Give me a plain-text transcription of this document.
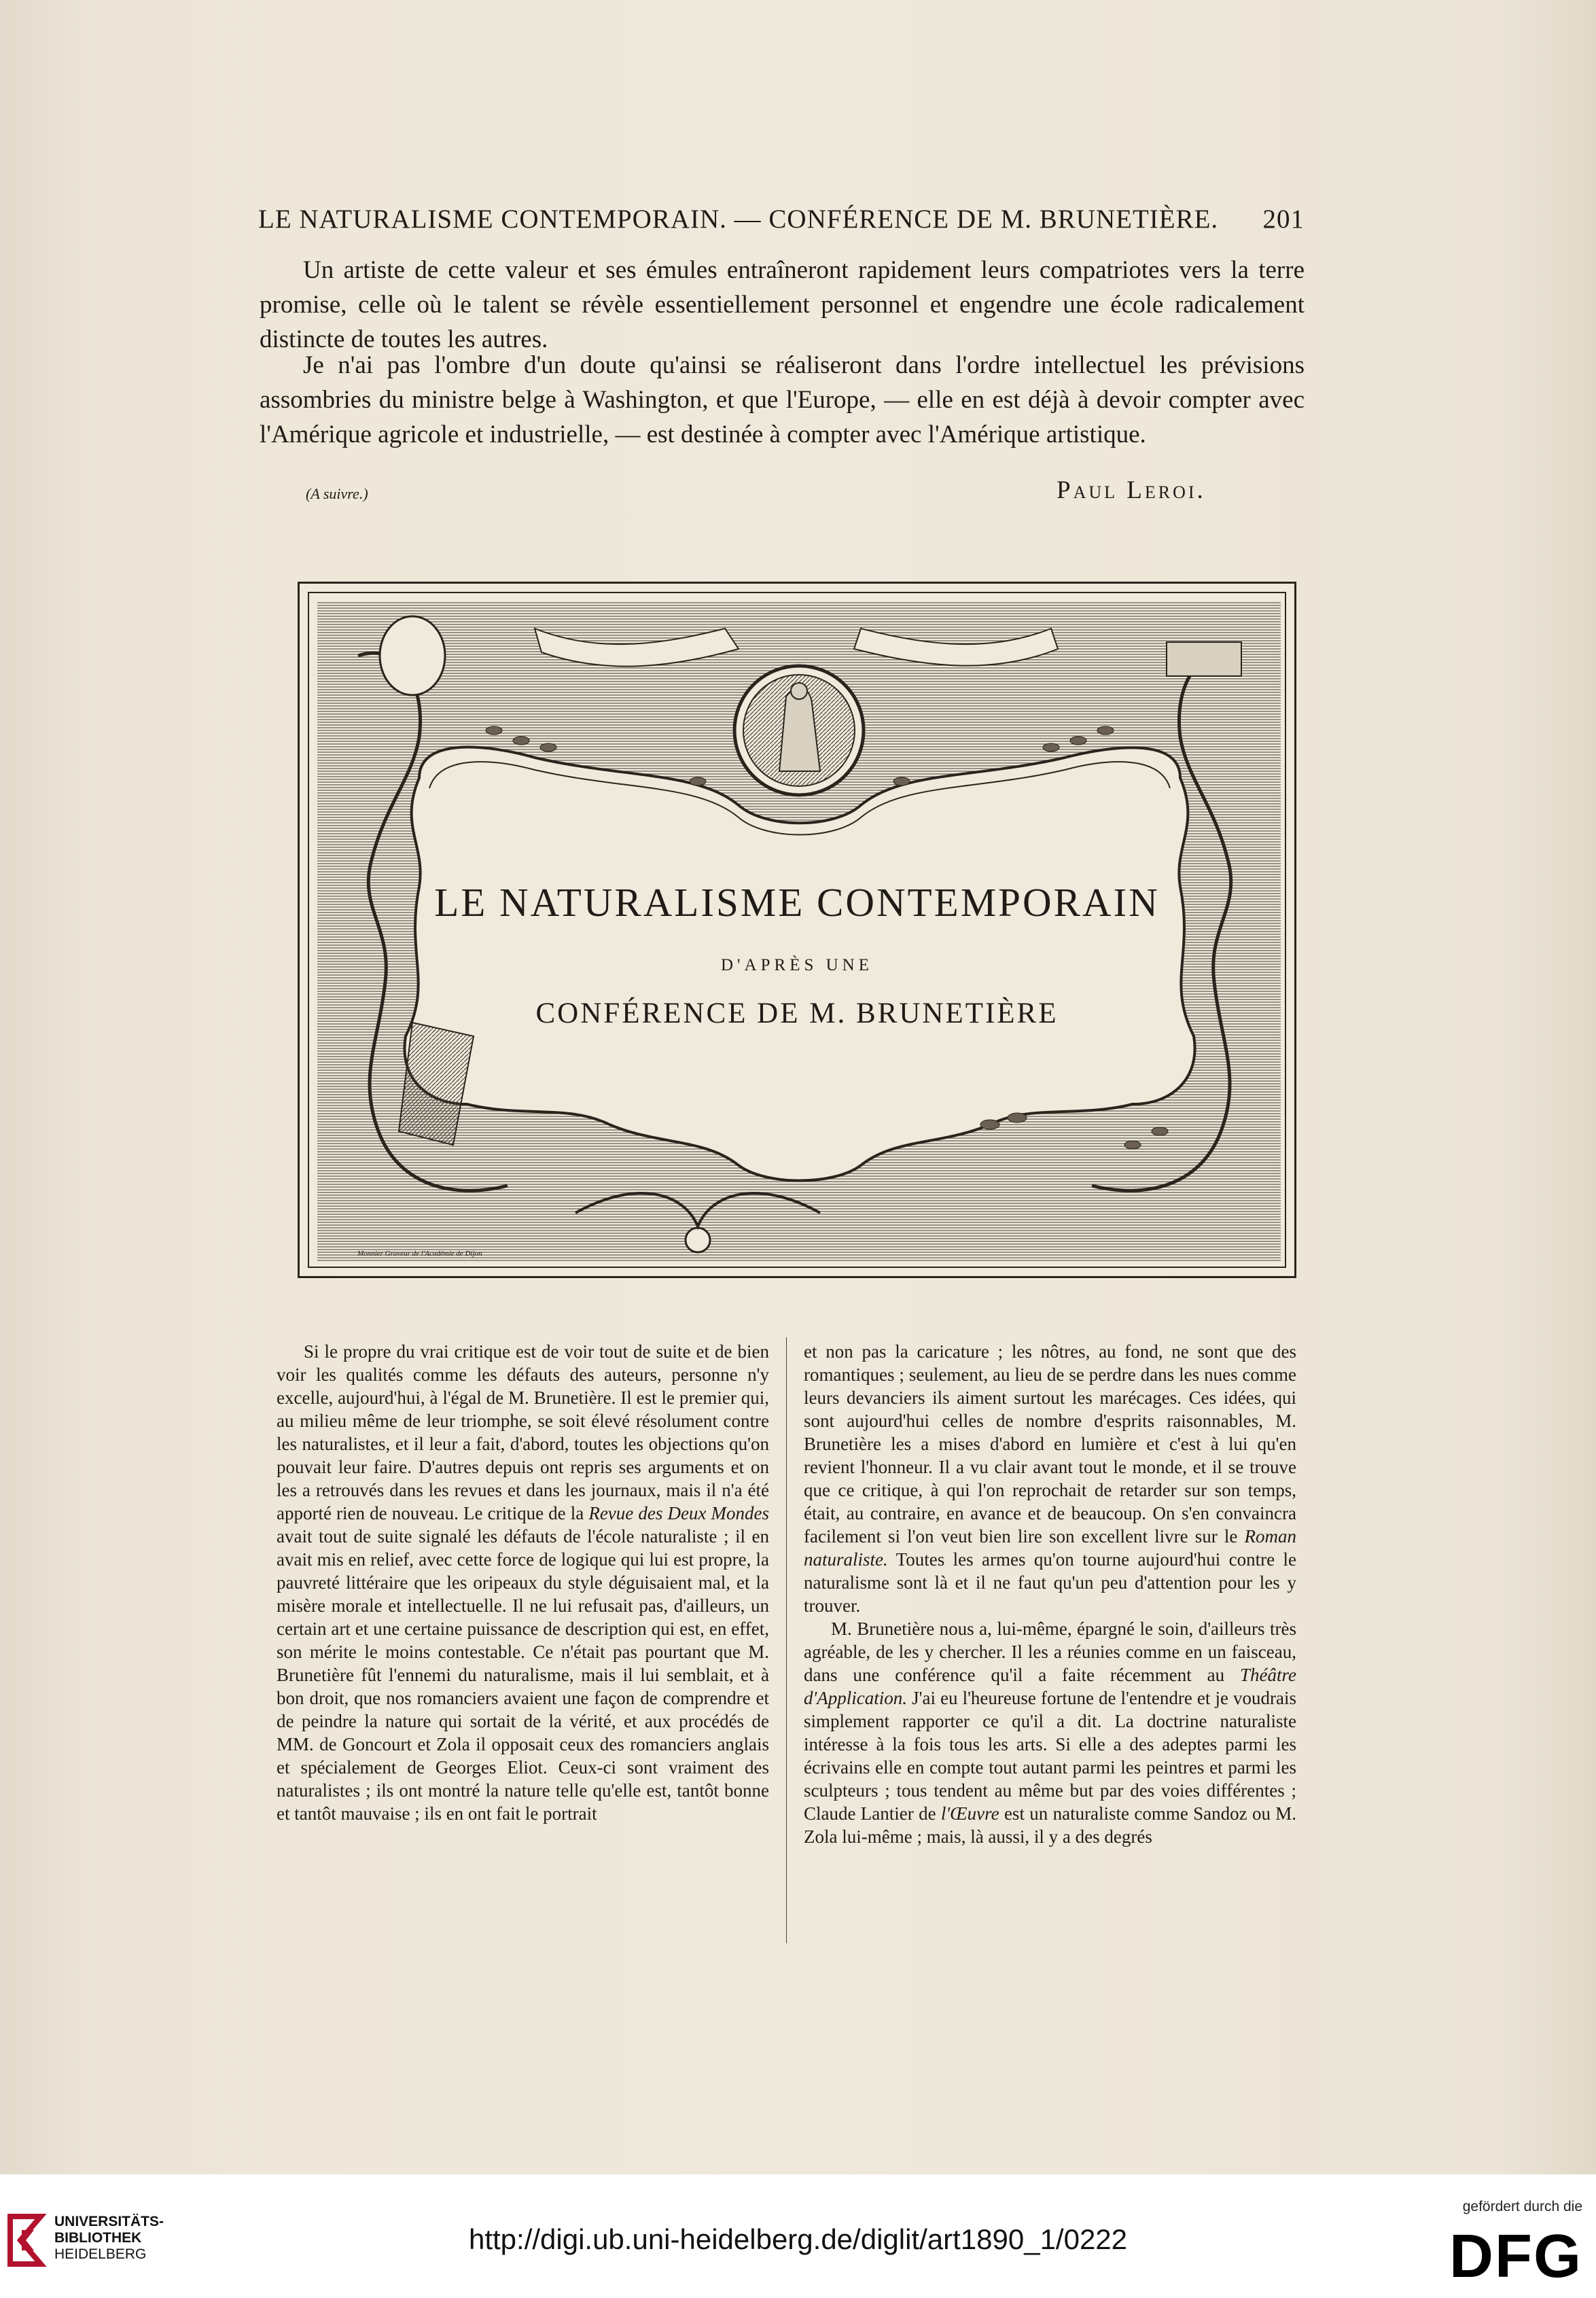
LE NATURALISME CONTEMPORAIN. — CONFÉRENCE DE M. BRUNETIÈRE. 201
Un artiste de cette valeur et ses émules entraîneront rapidement leurs compatriotes vers la terre promise, celle où le talent se révèle essentiellement personnel et engendre une école radicalement distincte de toutes les autres.
Je n'ai pas l'ombre d'un doute qu'ainsi se réaliseront dans l'ordre intellectuel les prévisions assombries du ministre belge à Washington, et que l'Europe, — elle en est déjà à devoir compter avec l'Amérique agricole et industrielle, — est destinée à compter avec l'Amérique artistique.
(A suivre.)	Paul Leroi.
LE NATURALISME CONTEMPORAIN
D'APRÈS UNE
CONFÉRENCE DE M. BRUNETIÈRE
Monnier Graveur de l'Académie de Dijon

Si le propre du vrai critique est de voir tout de suite et de bien voir les qualités comme les défauts des auteurs, personne n'y excelle, aujourd'hui, à l'égal de M. Brunetière. Il est le premier qui, au milieu même de leur triomphe, se soit élevé résolument contre les naturalistes, et il leur a fait, d'abord, toutes les objections qu'on pouvait leur faire. D'autres depuis ont repris ses arguments et on les a retrouvés dans les revues et dans les journaux, mais il n'a été apporté rien de nouveau. Le critique de la Revue des Deux Mondes avait tout de suite signalé les défauts de l'école naturaliste ; il en avait mis en relief, avec cette force de logique qui lui est propre, la pauvreté littéraire que les oripeaux du style déguisaient mal, et la misère morale et intellectuelle. Il ne lui refusait pas, d'ailleurs, un certain art et une certaine puissance de description qui est, en effet, son mérite le moins contestable. Ce n'était pas pourtant que M. Brunetière fût l'ennemi du naturalisme, mais il lui semblait, et à bon droit, que nos romanciers avaient une façon de comprendre et de peindre la nature qui sortait de la vérité, et aux procédés de MM. de Goncourt et Zola il opposait ceux des romanciers anglais et spécialement de Georges Eliot. Ceux-ci sont vraiment des naturalistes ; ils ont montré la nature telle qu'elle est, tantôt bonne et tantôt mauvaise ; ils en ont fait le portrait

et non pas la caricature ; les nôtres, au fond, ne sont que des romantiques ; seulement, au lieu de se perdre dans les nues comme leurs devanciers ils aiment surtout les marécages. Ces idées, qui sont aujourd'hui celles de nombre d'esprits raisonnables, M. Brunetière les a mises d'abord en lumière et c'est à lui qu'en revient l'honneur. Il a vu clair avant tout le monde, et il se trouve que ce critique, à qui l'on reprochait de retarder sur son temps, était, au contraire, en avance et de beaucoup. On s'en convaincra facilement si l'on veut bien lire son excellent livre sur le Roman naturaliste. Toutes les armes qu'on tourne aujourd'hui contre le naturalisme sont là et il ne faut qu'un peu d'attention pour les y trouver.

M. Brunetière nous a, lui-même, épargné le soin, d'ailleurs très agréable, de les y chercher. Il les a réunies comme en un faisceau, dans une conférence qu'il a faite récemment au Théâtre d'Application. J'ai eu l'heureuse fortune de l'entendre et je voudrais simplement rapporter ce qu'il a dit. La doctrine naturaliste intéresse à la fois tous les arts. Si elle a des adeptes parmi les écrivains elle en compte tout autant parmi les peintres et parmi les sculpteurs ; tous tendent au même but par des voies différentes ; Claude Lantier de l'Œuvre est un naturaliste comme Sandoz ou M. Zola lui-même ; mais, là aussi, il y a des degrés

UNIVERSITÄTS-
BIBLIOTHEK
HEIDELBERG	http://digi.ub.uni-heidelberg.de/diglit/art1890_1/0222
gefördert durch die
DFG
